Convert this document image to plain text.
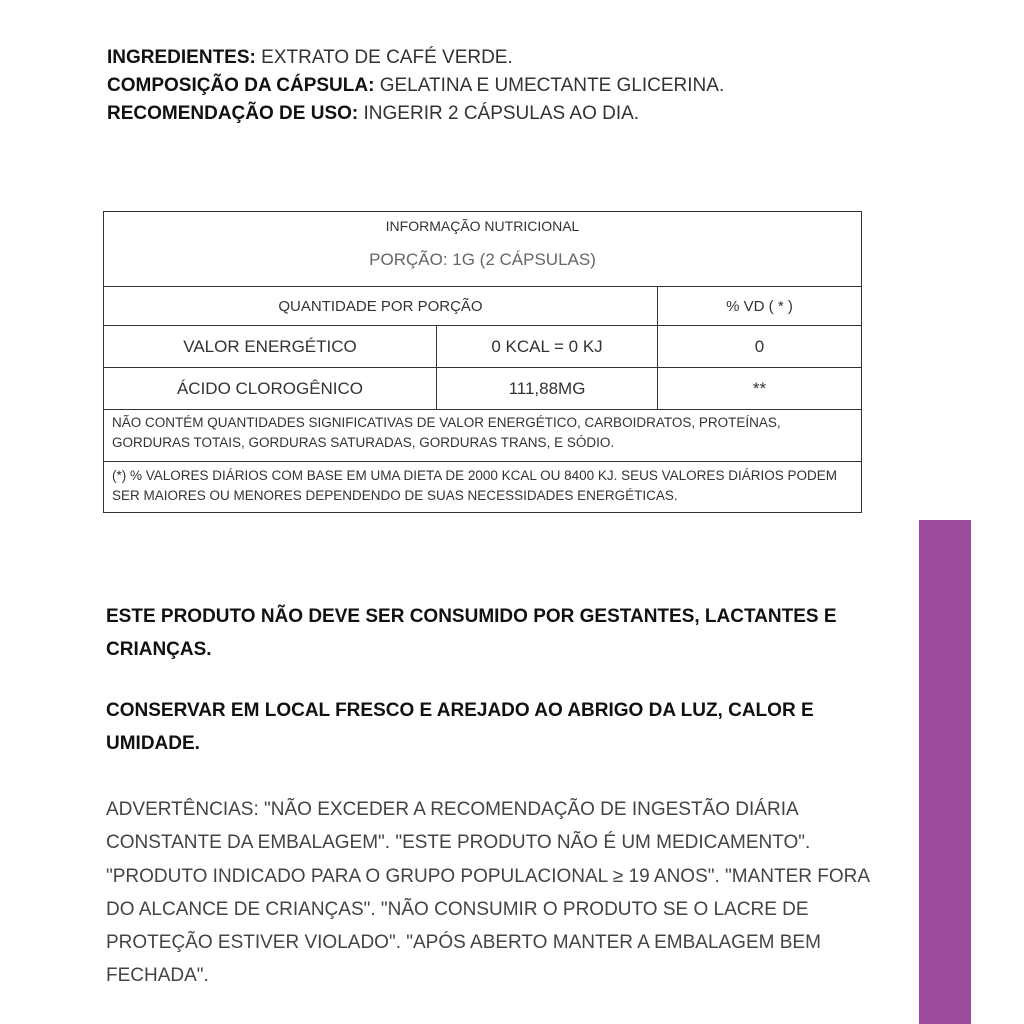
INGREDIENTES: EXTRATO DE CAFÉ VERDE.
COMPOSIÇÃO DA CÁPSULA: GELATINA E UMECTANTE GLICERINA.
RECOMENDAÇÃO DE USO: INGERIR 2 CÁPSULAS AO DIA.
INFORMAÇÃO NUTRICIONAL
PORÇÃO: 1G (2 CÁPSULAS)		

QUANTIDADE POR PORÇÃO		% VD ( * )
VALOR ENERGÉTICO	0 KCAL = 0 KJ	0
ÁCIDO CLOROGÊNICO	111,88MG	**
NÃO CONTÉM QUANTIDADES SIGNIFICATIVAS DE VALOR ENERGÉTICO, CARBOIDRATOS, PROTEÍNAS, GORDURAS TOTAIS, GORDURAS SATURADAS, GORDURAS TRANS, E SÓDIO.		
(*) % VALORES DIÁRIOS COM BASE EM UMA DIETA DE 2000 KCAL OU 8400 KJ. SEUS VALORES DIÁRIOS PODEM SER MAIORES OU MENORES DEPENDENDO DE SUAS NECESSIDADES ENERGÉTICAS.		
ESTE PRODUTO NÃO DEVE SER CONSUMIDO POR GESTANTES, LACTANTES E CRIANÇAS.
CONSERVAR EM LOCAL FRESCO E AREJADO AO ABRIGO DA LUZ, CALOR E UMIDADE.
ADVERTÊNCIAS: "NÃO EXCEDER A RECOMENDAÇÃO DE INGESTÃO DIÁRIA CONSTANTE DA EMBALAGEM". "ESTE PRODUTO NÃO É UM MEDICAMENTO". "PRODUTO INDICADO PARA O GRUPO POPULACIONAL ≥ 19 ANOS". "MANTER FORA DO ALCANCE DE CRIANÇAS". "NÃO CONSUMIR O PRODUTO SE O LACRE DE PROTEÇÃO ESTIVER VIOLADO". "APÓS ABERTO MANTER A EMBALAGEM BEM FECHADA".
